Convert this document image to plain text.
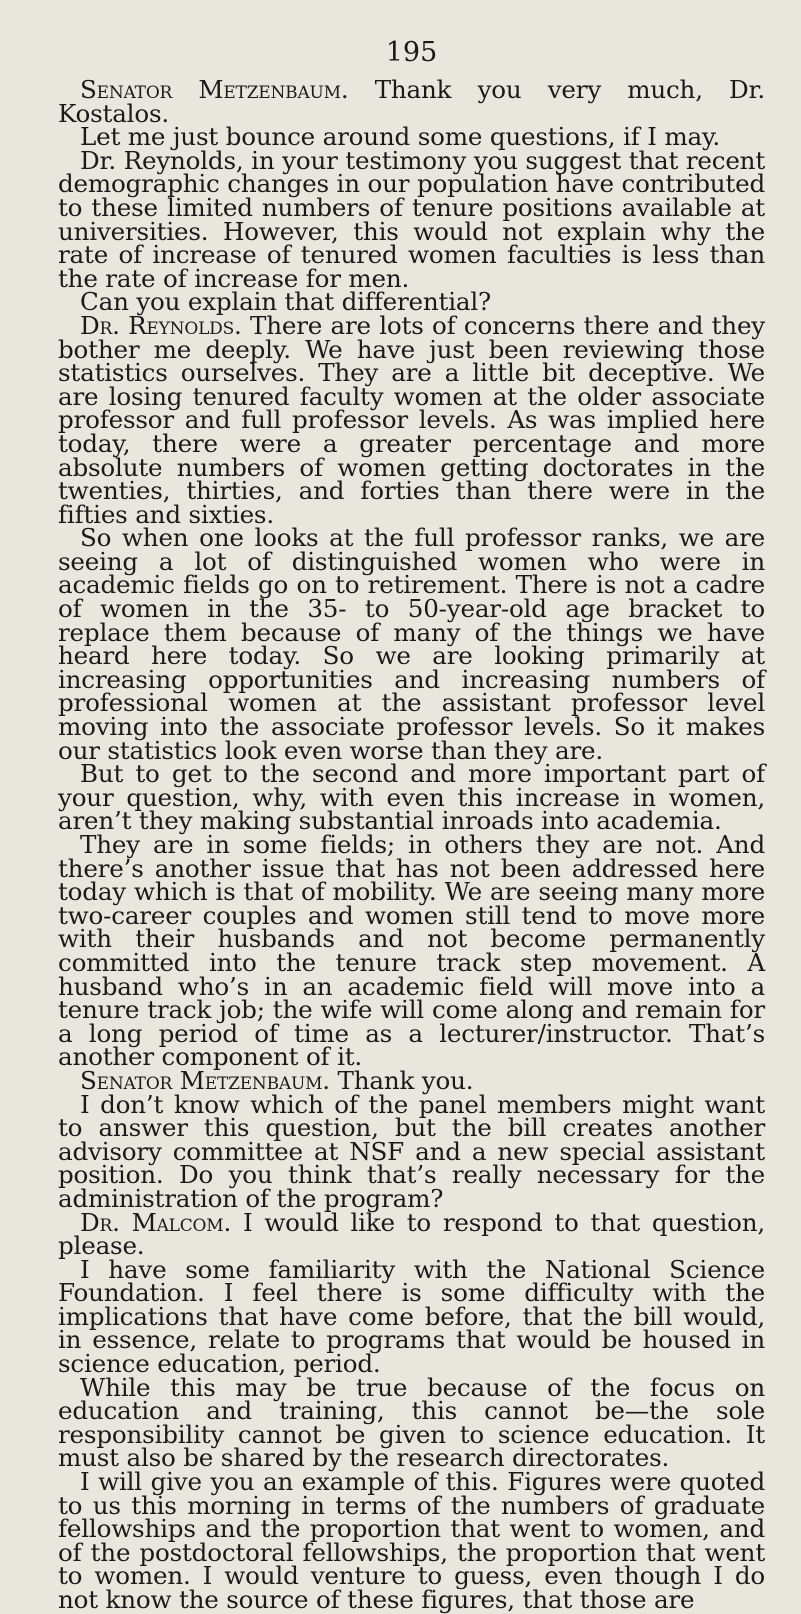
195

Senator Metzenbaum. Thank you very much, Dr. Kostalos.

Let me just bounce around some questions, if I may.

Dr. Reynolds, in your testimony you suggest that recent demographic changes in our population have contributed to these limited numbers of tenure positions available at universities. However, this would not explain why the rate of increase of tenured women faculties is less than the rate of increase for men.

Can you explain that differential?

Dr. Reynolds. There are lots of concerns there and they bother me deeply. We have just been reviewing those statistics ourselves. They are a little bit deceptive. We are losing tenured faculty women at the older associate professor and full professor levels. As was implied here today, there were a greater percentage and more absolute numbers of women getting doctorates in the twenties, thirties, and forties than there were in the fifties and sixties.

So when one looks at the full professor ranks, we are seeing a lot of distinguished women who were in academic fields go on to retirement. There is not a cadre of women in the 35- to 50-year-old age bracket to replace them because of many of the things we have heard here today. So we are looking primarily at increasing opportunities and increasing numbers of professional women at the assistant professor level moving into the associate professor levels. So it makes our statistics look even worse than they are.

But to get to the second and more important part of your question, why, with even this increase in women, aren’t they making substantial inroads into academia.

They are in some fields; in others they are not. And there’s another issue that has not been addressed here today which is that of mobility. We are seeing many more two-career couples and women still tend to move more with their husbands and not become permanently committed into the tenure track step movement. A husband who’s in an academic field will move into a tenure track job; the wife will come along and remain for a long period of time as a lecturer/instructor. That’s another component of it.

Senator Metzenbaum. Thank you.

I don’t know which of the panel members might want to answer this question, but the bill creates another advisory committee at NSF and a new special assistant position. Do you think that’s really necessary for the administration of the program?

Dr. Malcom. I would like to respond to that question, please.

I have some familiarity with the National Science Foundation. I feel there is some difficulty with the implications that have come before, that the bill would, in essence, relate to programs that would be housed in science education, period.

While this may be true because of the focus on education and training, this cannot be—the sole responsibility cannot be given to science education. It must also be shared by the research directorates.

I will give you an example of this. Figures were quoted to us this morning in terms of the numbers of graduate fellowships and the proportion that went to women, and of the postdoctoral fellowships, the proportion that went to women. I would venture to guess, even though I do not know the source of these figures, that those are
